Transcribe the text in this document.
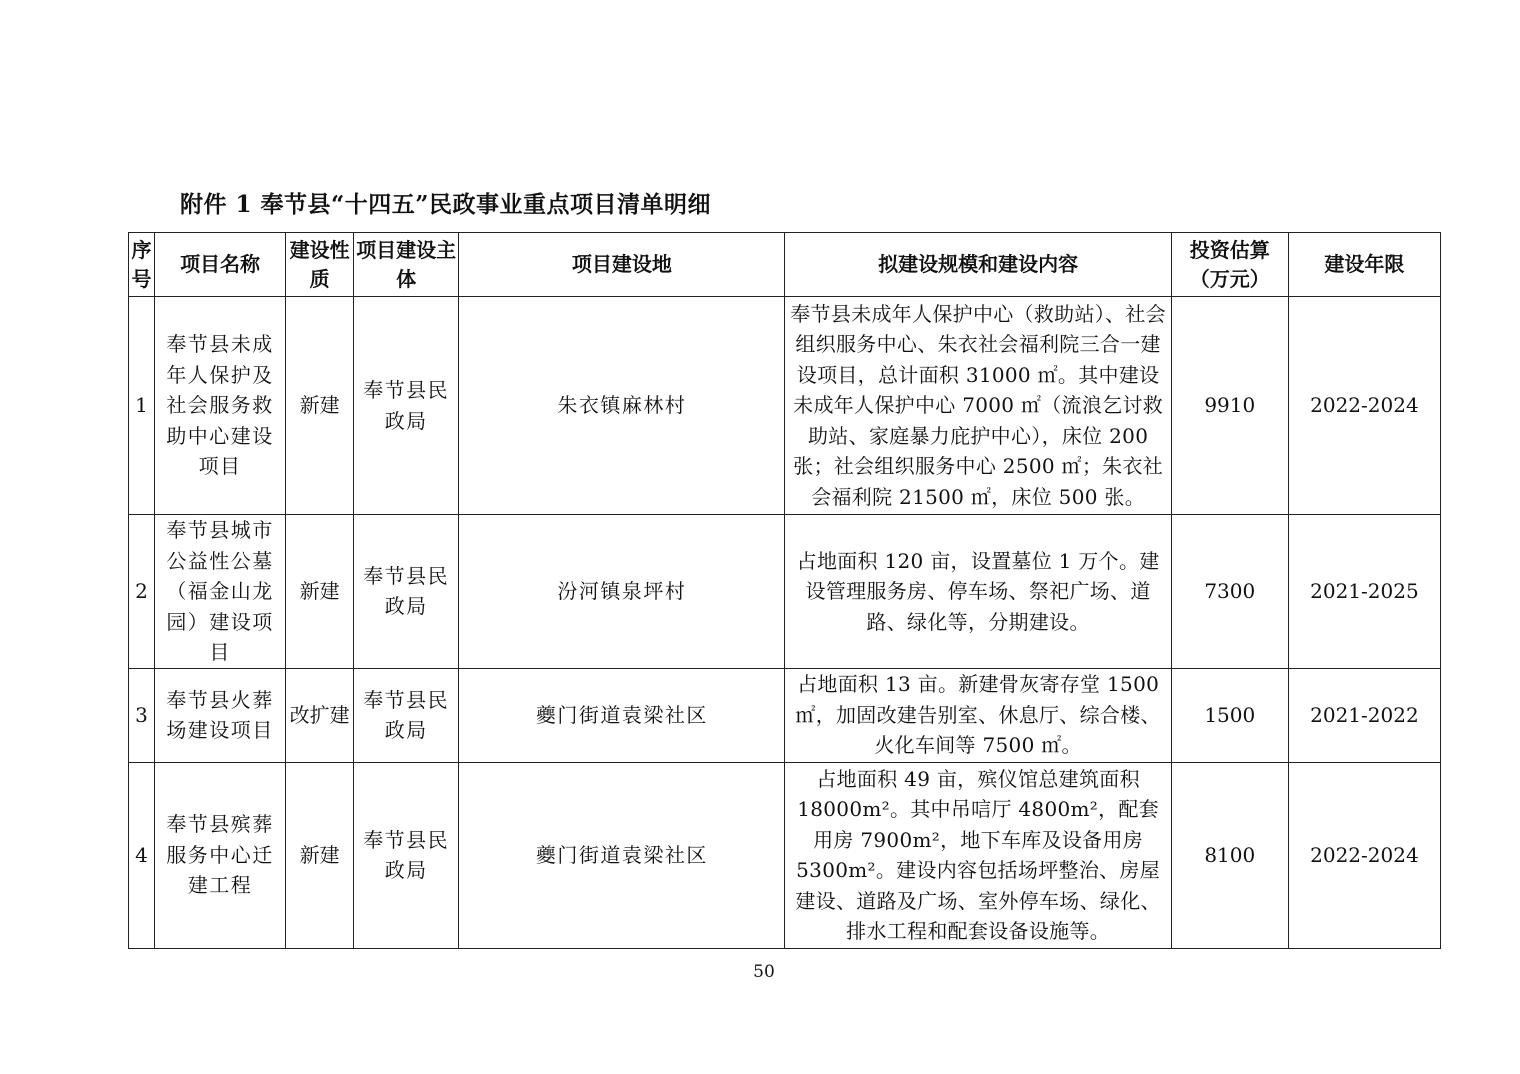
附件 1 奉节县“十四五”民政事业重点项目清单明细
序号	项目名称	建设性质	项目建设主体	项目建设地	拟建设规模和建设内容	投资估算（万元）	建设年限
1	奉节县未成年人保护及社会服务救助中心建设项目	新建	奉节县民政局	朱衣镇麻林村	奉节县未成年人保护中心（救助站）、社会组织服务中心、朱衣社会福利院三合一建设项目，总计面积 31000 ㎡。其中建设未成年人保护中心 7000 ㎡（流浪乞讨救助站、家庭暴力庇护中心），床位 200 张；社会组织服务中心 2500 ㎡；朱衣社会福利院 21500 ㎡，床位 500 张。	9910	2022-2024
2	奉节县城市公益性公墓（福金山龙园）建设项目	新建	奉节县民政局	汾河镇泉坪村	占地面积 120 亩，设置墓位 1 万个。建设管理服务房、停车场、祭祀广场、道路、绿化等，分期建设。	7300	2021-2025
3	奉节县火葬场建设项目	改扩建	奉节县民政局	夔门街道袁梁社区	占地面积 13 亩。新建骨灰寄存堂 1500 ㎡，加固改建告别室、休息厅、综合楼、火化车间等 7500 ㎡。	1500	2021-2022
4	奉节县殡葬服务中心迁建工程	新建	奉节县民政局	夔门街道袁梁社区	占地面积 49 亩，殡仪馆总建筑面积 18000m²。其中吊唁厅 4800m²，配套用房 7900m²，地下车库及设备用房 5300m²。建设内容包括场坪整治、房屋建设、道路及广场、室外停车场、绿化、排水工程和配套设备设施等。	8100	2022-2024
50
